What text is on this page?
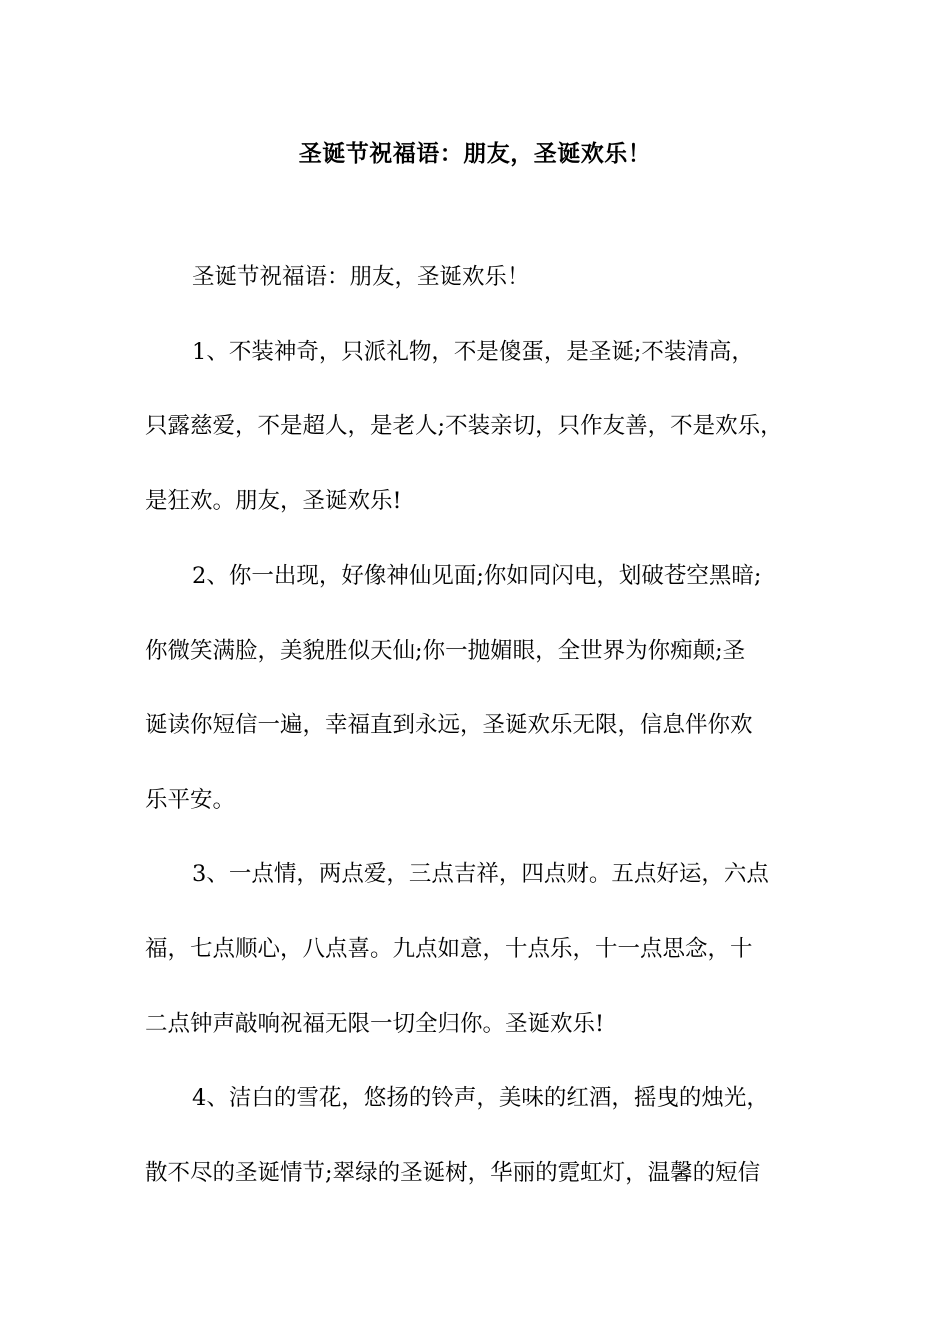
圣诞节祝福语：朋友，圣诞欢乐！
圣诞节祝福语：朋友，圣诞欢乐！
1、不装神奇，只派礼物，不是傻蛋，是圣诞;不装清高，
只露慈爱，不是超人，是老人;不装亲切，只作友善，不是欢乐，
是狂欢。朋友，圣诞欢乐!
2、你一出现，好像神仙见面;你如同闪电，划破苍空黑暗;
你微笑满脸，美貌胜似天仙;你一抛媚眼，全世界为你痴颠;圣
诞读你短信一遍，幸福直到永远，圣诞欢乐无限，信息伴你欢
乐平安。
3、一点情，两点爱，三点吉祥，四点财。五点好运，六点
福，七点顺心，八点喜。九点如意，十点乐，十一点思念，十
二点钟声敲响祝福无限一切全归你。圣诞欢乐!
4、洁白的雪花，悠扬的铃声，美味的红酒，摇曳的烛光，
散不尽的圣诞情节;翠绿的圣诞树，华丽的霓虹灯，温馨的短信
